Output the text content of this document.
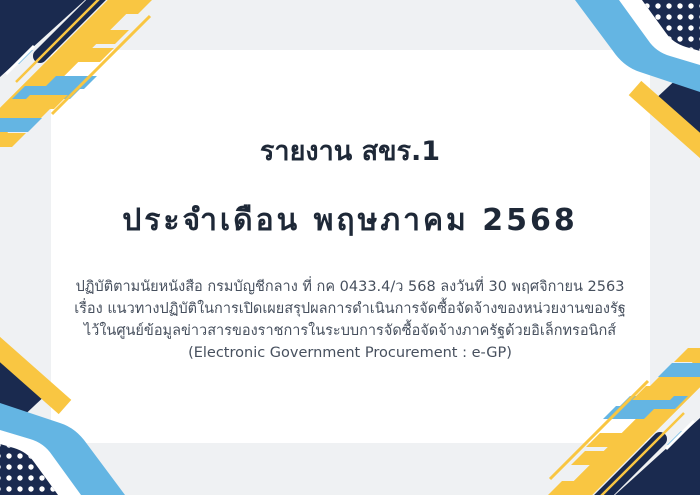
รายงาน สขร.1
ประจำเดือน พฤษภาคม 2568
ปฏิบัติตามนัยหนังสือ กรมบัญชีกลาง ที่ กค 0433.4/ว 568 ลงวันที่ 30 พฤศจิกายน 2563
เรื่อง แนวทางปฏิบัติในการเปิดเผยสรุปผลการดำเนินการจัดซื้อจัดจ้างของหน่วยงานของรัฐ
ไว้ในศูนย์ข้อมูลข่าวสารของราชการในระบบการจัดซื้อจัดจ้างภาครัฐด้วยอิเล็กทรอนิกส์
(Electronic Government Procurement : e-GP)
